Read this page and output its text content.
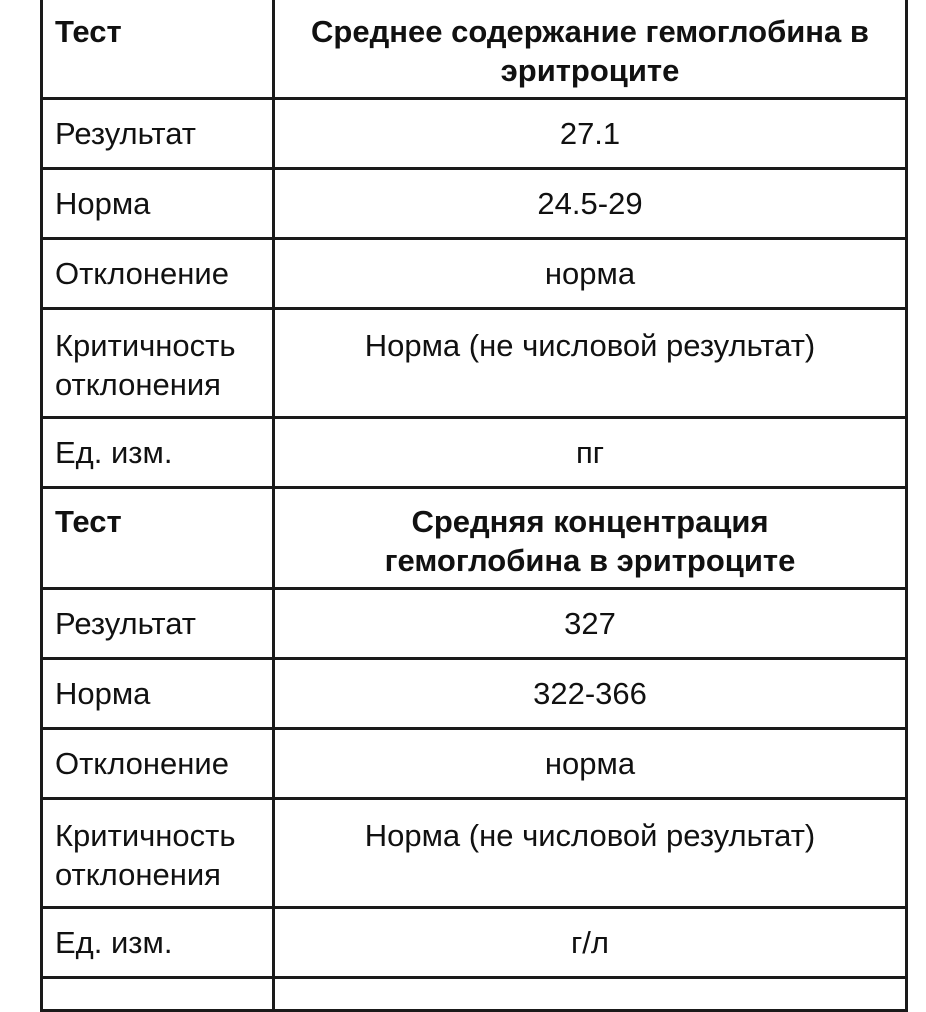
Тест	Среднее содержание гемоглобина в эритроците
Результат	27.1
Норма	24.5-29
Отклонение	норма
Критичность отклонения	Норма (не числовой результат)
Ед. изм.	пг
Тест	Средняя концентрация гемоглобина в эритроците
Результат	327
Норма	322-366
Отклонение	норма
Критичность отклонения	Норма (не числовой результат)
Ед. изм.	г/л
